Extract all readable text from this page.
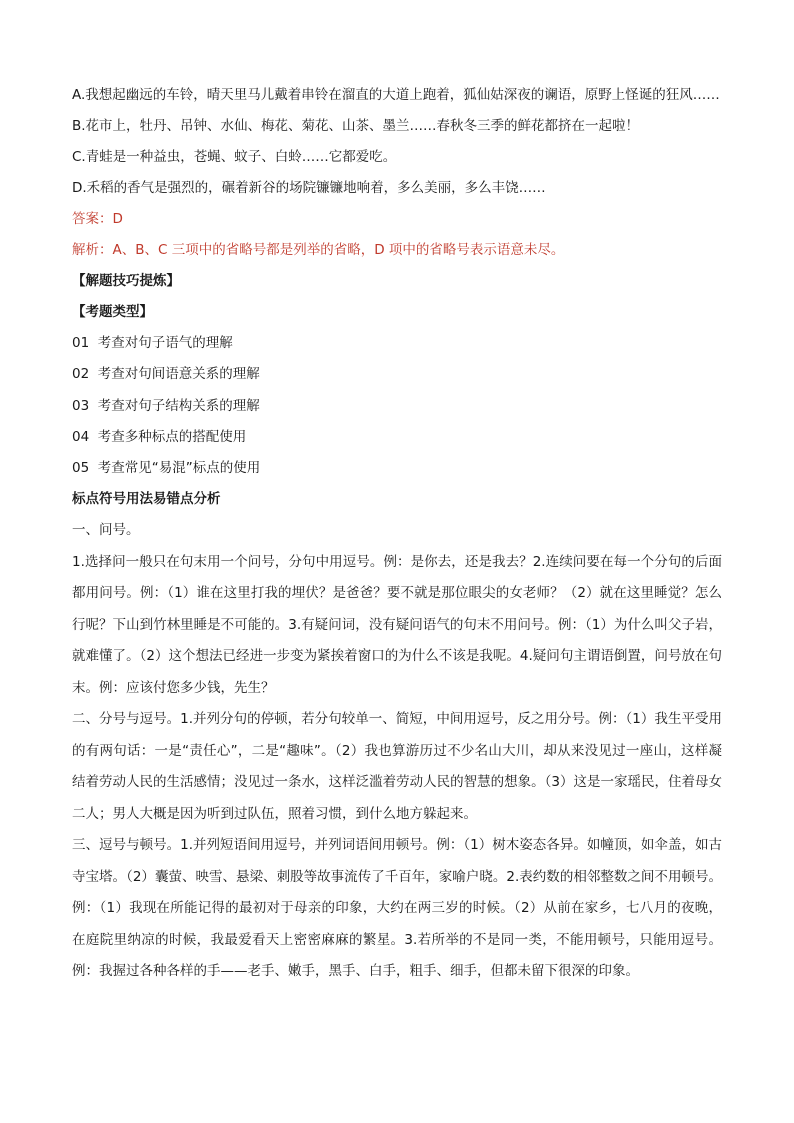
A.我想起幽远的车铃，晴天里马儿戴着串铃在溜直的大道上跑着，狐仙姑深夜的谰语，原野上怪诞的狂风……

B.花市上，牡丹、吊钟、水仙、梅花、菊花、山茶、墨兰……春秋冬三季的鲜花都挤在一起啦！

C.青蛙是一种益虫，苍蝇、蚊子、白蛉……它都爱吃。

D.禾稻的香气是强烈的，碾着新谷的场院镰镰地响着，多么美丽，多么丰饶……

答案：D

解析：A、B、C 三项中的省略号都是列举的省略，D 项中的省略号表示语意未尽。

【解题技巧提炼】

【考题类型】

01  考查对句子语气的理解

02  考查对句间语意关系的理解

03  考查对句子结构关系的理解

04  考查多种标点的搭配使用

05  考查常见“易混”标点的使用

标点符号用法易错点分析

一、问号。

1.选择问一般只在句末用一个问号，分句中用逗号。例：是你去，还是我去？2.连续问要在每一个分句的后面都用问号。例：（1）谁在这里打我的埋伏？是爸爸？要不就是那位眼尖的女老师？（2）就在这里睡觉？怎么行呢？下山到竹林里睡是不可能的。3.有疑问词，没有疑问语气的句末不用问号。例：（1）为什么叫父子岩，就难懂了。（2）这个想法已经进一步变为紧挨着窗口的为什么不该是我呢。4.疑问句主谓语倒置，问号放在句末。例：应该付您多少钱，先生？

二、分号与逗号。1.并列分句的停顿，若分句较单一、简短，中间用逗号，反之用分号。例：（1）我生平受用的有两句话：一是“责任心”，二是“趣味”。（2）我也算游历过不少名山大川，却从来没见过一座山，这样凝结着劳动人民的生活感情；没见过一条水，这样泛滥着劳动人民的智慧的想象。（3）这是一家瑶民，住着母女二人；男人大概是因为听到过队伍，照着习惯，到什么地方躲起来。

三、逗号与顿号。1.并列短语间用逗号，并列词语间用顿号。例：（1）树木姿态各异。如幢顶，如伞盖，如古寺宝塔。（2）囊萤、映雪、悬梁、刺股等故事流传了千百年，家喻户晓。2.表约数的相邻整数之间不用顿号。例：（1）我现在所能记得的最初对于母亲的印象，大约在两三岁的时候。（2）从前在家乡，七八月的夜晚，在庭院里纳凉的时候，我最爱看天上密密麻麻的繁星。3.若所举的不是同一类，不能用顿号，只能用逗号。例：我握过各种各样的手——老手、嫩手，黑手、白手，粗手、细手，但都未留下很深的印象。
